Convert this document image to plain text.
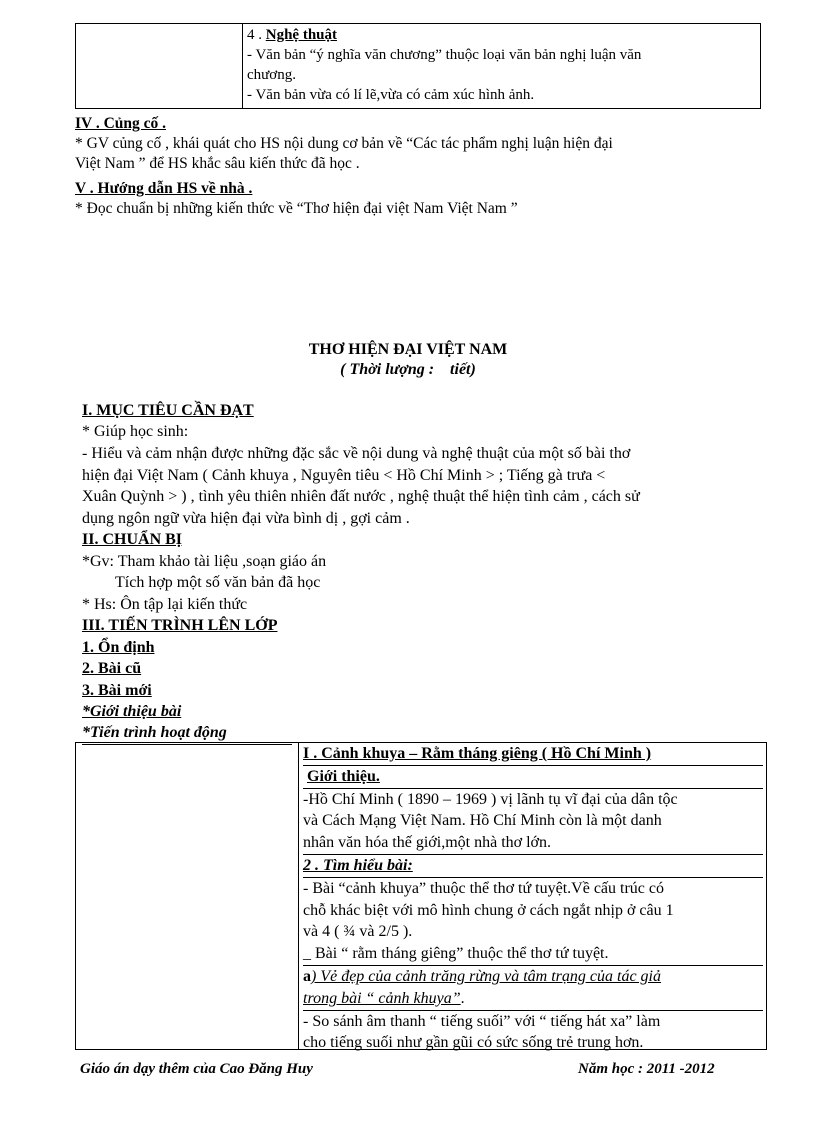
4 . Nghệ thuật
- Văn bản “ý nghĩa văn chương” thuộc loại văn bản nghị luận văn
chương.
- Văn bản vừa có lí lẽ,vừa có cảm xúc hình ảnh.
IV . Củng cố .
* GV củng cố , khái quát cho HS nội dung cơ bản về “Các tác phẩm nghị luận hiện đại
Việt Nam ” để HS khắc sâu kiến thức đã học .
V . Hướng dẫn HS về nhà .
* Đọc chuẩn bị những kiến thức về “Thơ hiện đại việt Nam Việt Nam ”
THƠ HIỆN ĐẠI VIỆT NAM
( Thời lượng :    tiết)
I. MỤC TIÊU CẦN ĐẠT
* Giúp học sinh:
- Hiểu và cảm nhận được những đặc sắc về nội dung và nghệ thuật của một số bài thơ
hiện đại Việt Nam ( Cảnh khuya , Nguyên tiêu < Hồ Chí Minh > ; Tiếng gà trưa <
Xuân Quỳnh > ) , tình yêu thiên nhiên đất nước , nghệ thuật thể hiện tình cảm , cách sử
dụng ngôn ngữ vừa hiện đại vừa bình dị , gợi cảm .
II. CHUẨN BỊ
*Gv: Tham khảo tài liệu ,soạn giáo án
Tích hợp một số văn bản đã học
* Hs: Ôn tập lại kiến thức
III. TIẾN TRÌNH LÊN LỚP
1. Ổn định
2. Bài cũ
3. Bài mới
*Giới thiệu bài
*Tiến trình hoạt động
I . Cảnh khuya – Rằm tháng giêng ( Hồ Chí Minh )
Giới thiệu.
-Hồ Chí Minh ( 1890 – 1969 ) vị lãnh tụ vĩ đại của dân tộc
và Cách Mạng Việt Nam. Hồ Chí Minh còn là một danh
nhân văn hóa thế giới,một nhà thơ lớn.
2 . Tìm hiểu bài:
- Bài “cảnh khuya” thuộc thể thơ tứ tuyệt.Về cấu trúc có
chỗ khác biệt với mô hình chung ở cách ngắt nhịp ở câu 1
và 4 ( ¾ và 2/5 ).
_ Bài “ rằm tháng giêng” thuộc thể thơ tứ tuyệt.
a) Vẻ đẹp của cảnh trăng rừng và tâm trạng của tác giả
trong bài “ cảnh khuya”.
- So sánh âm thanh “ tiếng suối” với “ tiếng hát xa” làm
cho tiếng suối như gần gũi có sức sống trẻ trung hơn.
Giáo án dạy thêm của Cao Đăng Huy	Năm học : 2011 -2012
